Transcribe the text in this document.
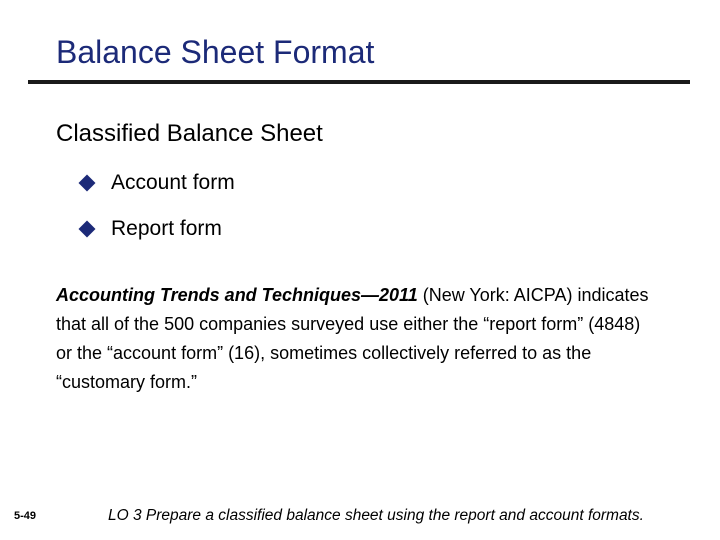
Balance Sheet Format
Classified Balance Sheet
Account form
Report form
Accounting Trends and Techniques—2011 (New York: AICPA) indicates that all of the 500 companies surveyed use either the “report form” (4848) or the “account form” (16), sometimes collectively referred to as the “customary form.”
5-49	LO 3 Prepare a classified balance sheet using the report and account formats.
